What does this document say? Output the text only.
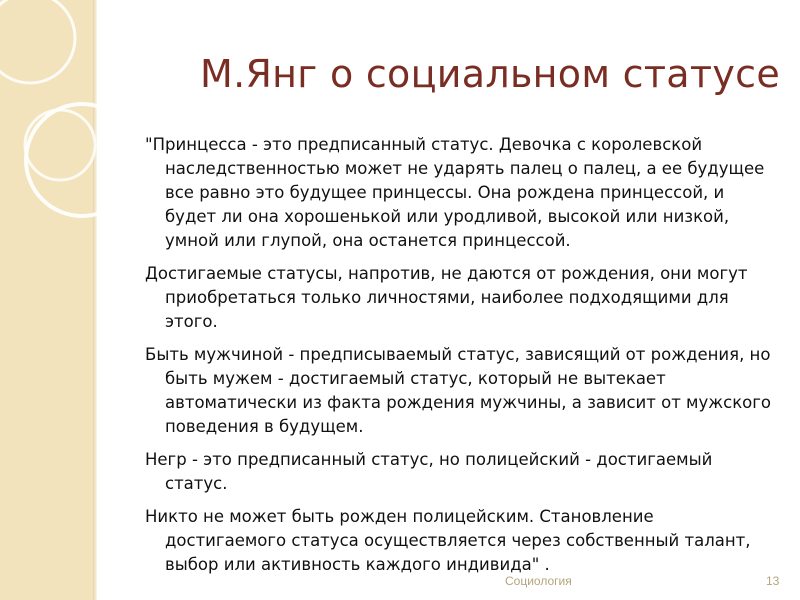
М.Янг о социальном статусе

"Принцесса - это предписанный статус. Девочка с королевской наследственностью может не ударять палец о палец, а ее будущее все равно это будущее принцессы. Она рождена принцессой, и будет ли она хорошенькой или уродливой, высокой или низкой, умной или глупой, она останется принцессой.

Достигаемые статусы, напротив, не даются от рождения, они могут приобретаться только личностями, наиболее подходящими для этого.

Быть мужчиной - предписываемый статус, зависящий от рождения, но быть мужем - достигаемый статус, который не вытекает автоматически из факта рождения мужчины, а зависит от мужского поведения в будущем.

Негр - это предписанный статус, но полицейский - достигаемый статус.

Никто не может быть рожден полицейским. Становление достигаемого статуса осуществляется через собственный талант, выбор или активность каждого индивида" .

Социология	13
